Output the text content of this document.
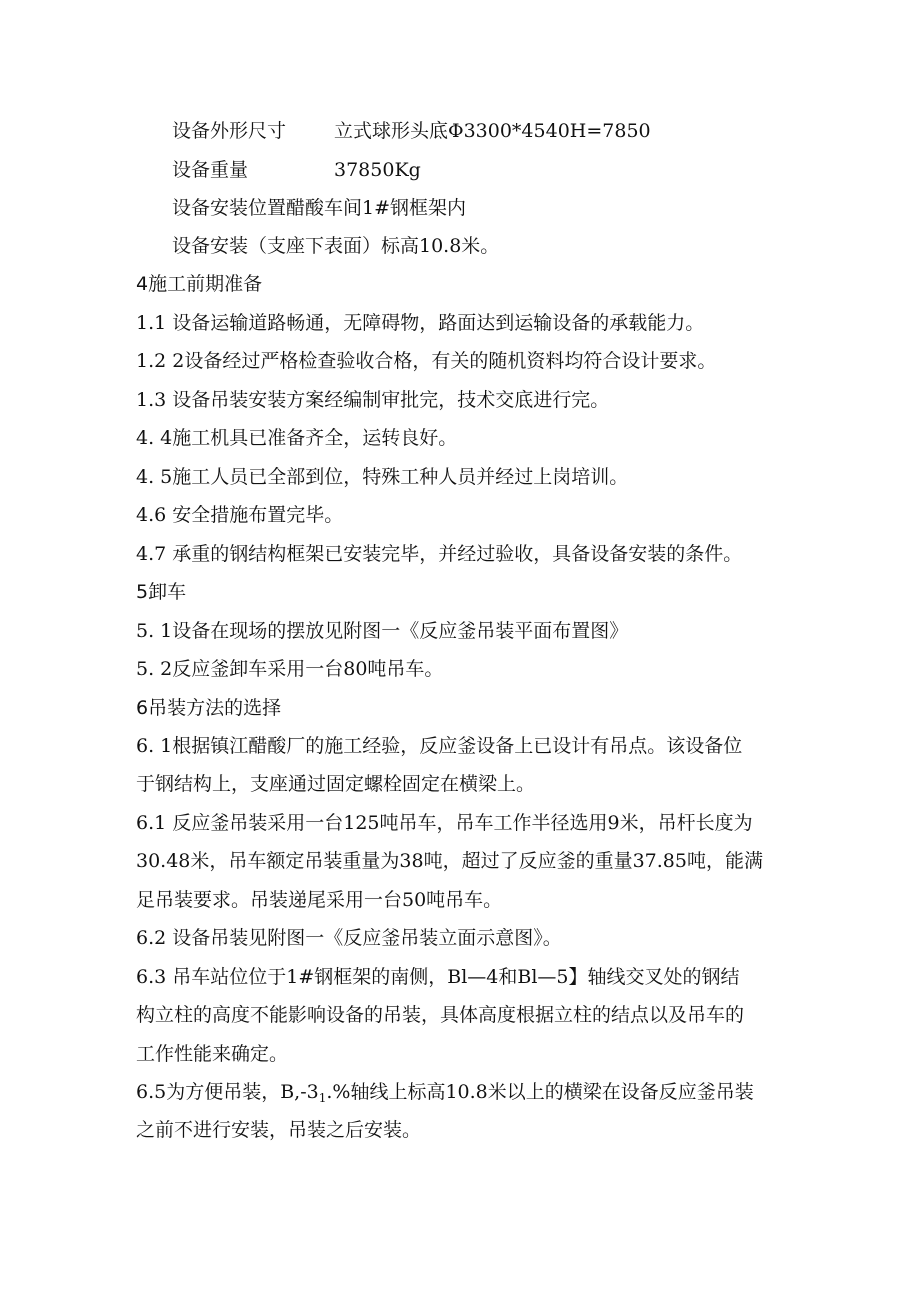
设备外形尺寸	立式球形头底Φ3300*4540H=7850
设备重量	37850Kg
设备安装位置醋酸车间1#钢框架内
设备安装（支座下表面）标高10.8米。
4施工前期准备
1.1 设备运输道路畅通，无障碍物，路面达到运输设备的承载能力。
1.2 2设备经过严格检查验收合格，有关的随机资料均符合设计要求。
1.3 设备吊装安装方案经编制审批完，技术交底进行完。
4. 4施工机具已准备齐全，运转良好。
4. 5施工人员已全部到位，特殊工种人员并经过上岗培训。
4.6 安全措施布置完毕。
4.7 承重的钢结构框架已安装完毕，并经过验收，具备设备安装的条件。
5卸车
5. 1设备在现场的摆放见附图一《反应釜吊装平面布置图》
5. 2反应釜卸车采用一台80吨吊车。
6吊装方法的选择
6. 1根据镇江醋酸厂的施工经验，反应釜设备上已设计有吊点。该设备位
于钢结构上，支座通过固定螺栓固定在横梁上。
6.1 反应釜吊装采用一台125吨吊车，吊车工作半径选用9米，吊杆长度为
30.48米，吊车额定吊装重量为38吨，超过了反应釜的重量37.85吨，能满
足吊装要求。吊装递尾采用一台50吨吊车。
6.2 设备吊装见附图一《反应釜吊装立面示意图》。
6.3 吊车站位位于1#钢框架的南侧，Bl—4和Bl—5】轴线交叉处的钢结
构立柱的高度不能影响设备的吊装，具体高度根据立柱的结点以及吊车的
工作性能来确定。
6.5为方便吊装，$B,-3_1.\%$轴线上标高10.8米以上的横梁在设备反应釜吊装
之前不进行安装，吊装之后安装。
